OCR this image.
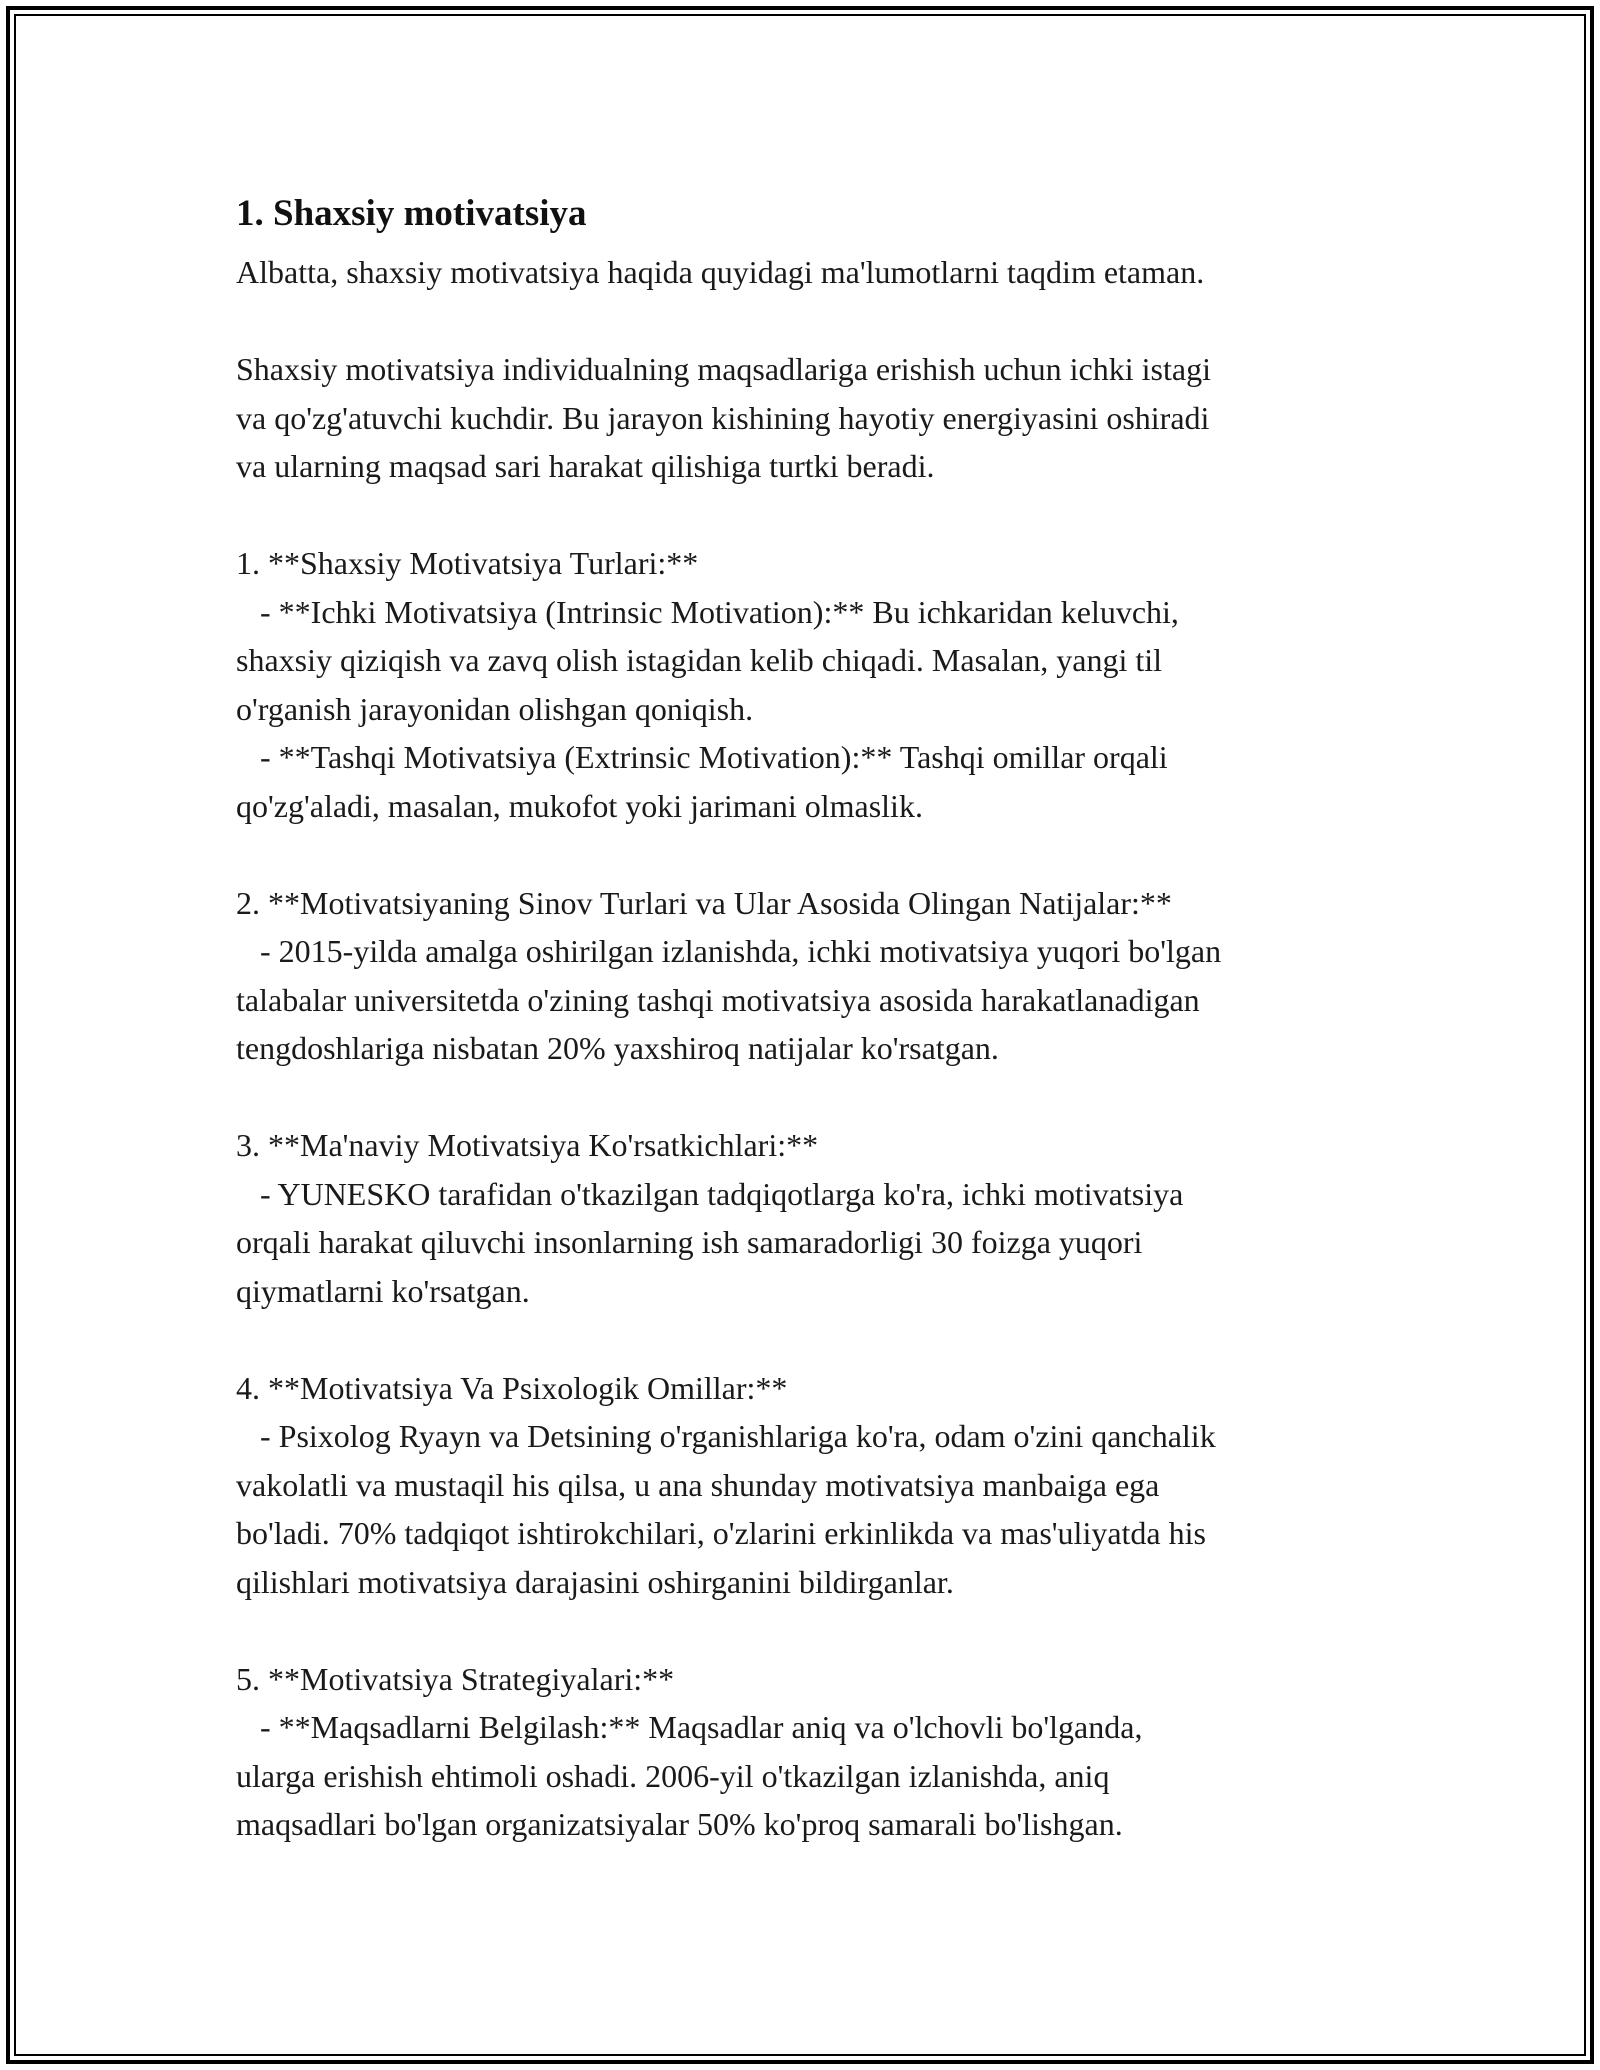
1. Shaxsiy motivatsiya

Albatta, shaxsiy motivatsiya haqida quyidagi ma'lumotlarni taqdim etaman.

Shaxsiy motivatsiya individualning maqsadlariga erishish uchun ichki istagi
va qo'zg'atuvchi kuchdir. Bu jarayon kishining hayotiy energiyasini oshiradi
va ularning maqsad sari harakat qilishiga turtki beradi.

1. **Shaxsiy Motivatsiya Turlari:**
- **Ichki Motivatsiya (Intrinsic Motivation):** Bu ichkaridan keluvchi,
shaxsiy qiziqish va zavq olish istagidan kelib chiqadi. Masalan, yangi til
o'rganish jarayonidan olishgan qoniqish.
- **Tashqi Motivatsiya (Extrinsic Motivation):** Tashqi omillar orqali
qo'zg'aladi, masalan, mukofot yoki jarimani olmaslik.

2. **Motivatsiyaning Sinov Turlari va Ular Asosida Olingan Natijalar:**
- 2015-yilda amalga oshirilgan izlanishda, ichki motivatsiya yuqori bo'lgan
talabalar universitetda o'zining tashqi motivatsiya asosida harakatlanadigan
tengdoshlariga nisbatan 20% yaxshiroq natijalar ko'rsatgan.

3. **Ma'naviy Motivatsiya Ko'rsatkichlari:**
- YUNESKO tarafidan o'tkazilgan tadqiqotlarga ko'ra, ichki motivatsiya
orqali harakat qiluvchi insonlarning ish samaradorligi 30 foizga yuqori
qiymatlarni ko'rsatgan.

4. **Motivatsiya Va Psixologik Omillar:**
- Psixolog Ryayn va Detsining o'rganishlariga ko'ra, odam o'zini qanchalik
vakolatli va mustaqil his qilsa, u ana shunday motivatsiya manbaiga ega
bo'ladi. 70% tadqiqot ishtirokchilari, o'zlarini erkinlikda va mas'uliyatda his
qilishlari motivatsiya darajasini oshirganini bildirganlar.

5. **Motivatsiya Strategiyalari:**
- **Maqsadlarni Belgilash:** Maqsadlar aniq va o'lchovli bo'lganda,
ularga erishish ehtimoli oshadi. 2006-yil o'tkazilgan izlanishda, aniq
maqsadlari bo'lgan organizatsiyalar 50% ko'proq samarali bo'lishgan.
